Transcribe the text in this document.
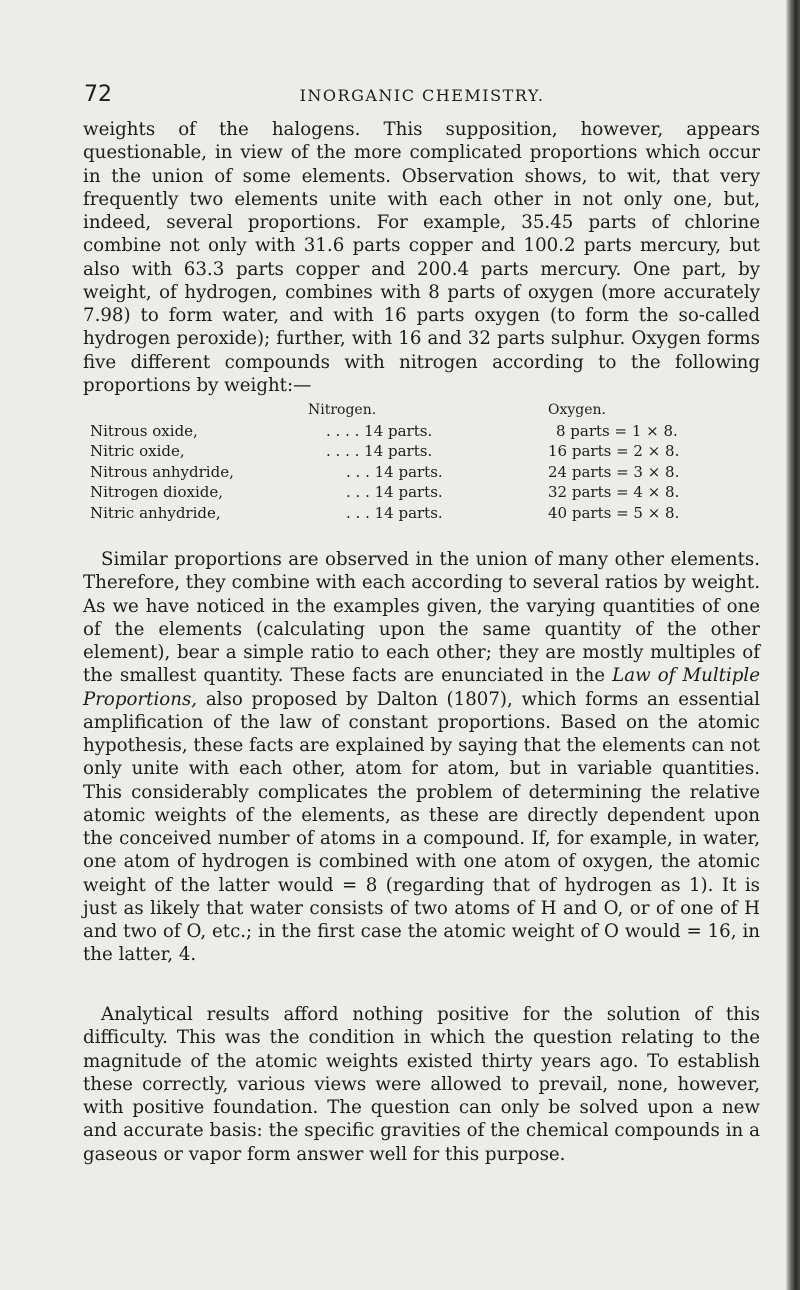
72	INORGANIC CHEMISTRY.

weights of the halogens. This supposition, however, appears questionable, in view of the more complicated proportions which occur in the union of some elements. Observation shows, to wit, that very frequently two elements unite with each other in not only one, but, indeed, several proportions. For example, 35.45 parts of chlorine combine not only with 31.6 parts copper and 100.2 parts mercury, but also with 63.3 parts copper and 200.4 parts mercury. One part, by weight, of hydrogen, combines with 8 parts of oxygen (more accurately 7.98) to form water, and with 16 parts oxygen (to form the so-called hydrogen peroxide); further, with 16 and 32 parts sulphur. Oxygen forms five different compounds with nitrogen according to the following proportions by weight:—

Nitrogen.	Oxygen.
Nitrous oxide,	. . . . 14 parts.	8 parts = 1 × 8.
Nitric oxide,	. . . . 14 parts.	16 parts = 2 × 8.
Nitrous anhydride,	. . . 14 parts.	24 parts = 3 × 8.
Nitrogen dioxide,	. . . 14 parts.	32 parts = 4 × 8.
Nitric anhydride,	. . . 14 parts.	40 parts = 5 × 8.

Similar proportions are observed in the union of many other elements. Therefore, they combine with each according to several ratios by weight. As we have noticed in the examples given, the varying quantities of one of the elements (calculating upon the same quantity of the other element), bear a simple ratio to each other; they are mostly multiples of the smallest quantity. These facts are enunciated in the Law of Multiple Proportions, also proposed by Dalton (1807), which forms an essential amplification of the law of constant proportions. Based on the atomic hypothesis, these facts are explained by saying that the elements can not only unite with each other, atom for atom, but in variable quantities. This considerably complicates the problem of determining the relative atomic weights of the elements, as these are directly dependent upon the conceived number of atoms in a compound. If, for example, in water, one atom of hydrogen is combined with one atom of oxygen, the atomic weight of the latter would = 8 (regarding that of hydrogen as 1). It is just as likely that water consists of two atoms of H and O, or of one of H and two of O, etc.; in the first case the atomic weight of O would = 16, in the latter, 4.

Analytical results afford nothing positive for the solution of this difficulty. This was the condition in which the question relating to the magnitude of the atomic weights existed thirty years ago. To establish these correctly, various views were allowed to prevail, none, however, with positive foundation. The question can only be solved upon a new and accurate basis: the specific gravities of the chemical compounds in a gaseous or vapor form answer well for this purpose.
